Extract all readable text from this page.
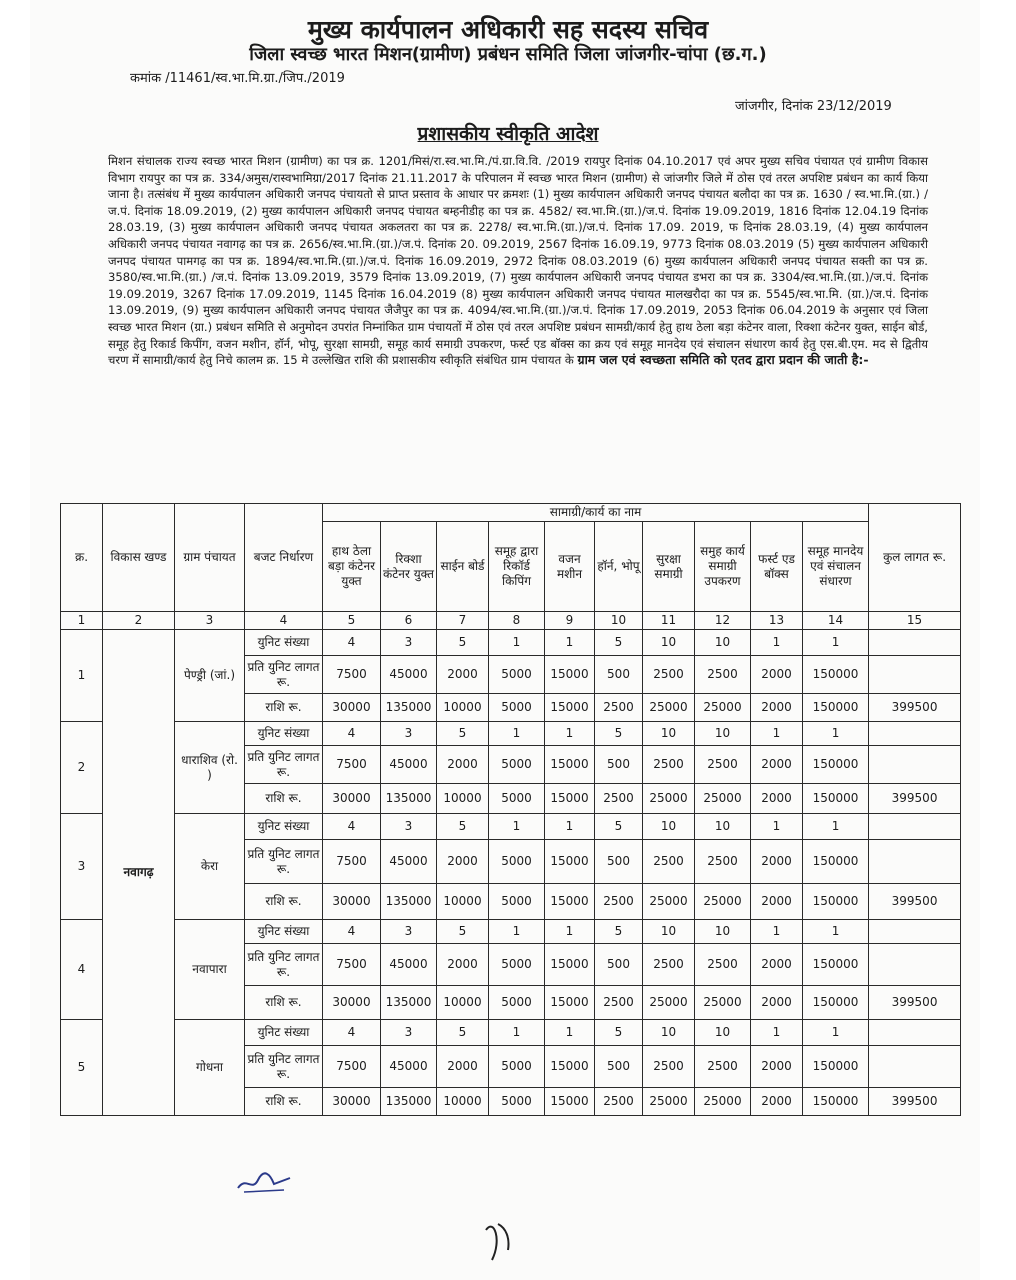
मुख्य कार्यपालन अधिकारी सह सदस्य सचिव
जिला स्वच्छ भारत मिशन(ग्रामीण) प्रबंधन समिति जिला जांजगीर-चांपा (छ.ग.)
कमांक /11461/स्व.भा.मि.ग्रा./जिप./2019
जांजगीर, दिनांक 23/12/2019
प्रशासकीय स्वीकृति आदेश
मिशन संचालक राज्य स्वच्छ भारत मिशन (ग्रामीण) का पत्र क्र. 1201/मिसं/रा.स्व.भा.मि./पं.ग्रा.वि.वि. /2019 रायपुर दिनांक 04.10.2017 एवं अपर मुख्य सचिव पंचायत एवं ग्रामीण विकास विभाग रायपुर का पत्र क्र. 334/अमुस/रास्वभामिग्रा/2017 दिनांक 21.11.2017 के परिपालन में स्वच्छ भारत मिशन (ग्रामीण) से जांजगीर जिले में ठोस एवं तरल अपशिष्ट प्रबंधन का कार्य किया जाना है। तत्संबंध में मुख्य कार्यपालन अधिकारी जनपद पंचायतो से प्राप्त प्रस्ताव के आधार पर क्रमशः (1) मुख्य कार्यपालन अधिकारी जनपद पंचायत बलौदा का पत्र क्र. 1630 / स्व.भा.मि.(ग्रा.) /ज.पं. दिनांक 18.09.2019, (2) मुख्य कार्यपालन अधिकारी जनपद पंचायत बम्हनीडीह का पत्र क्र. 4582/ स्व.भा.मि.(ग्रा.)/ज.पं. दिनांक 19.09.2019, 1816 दिनांक 12.04.19 दिनांक 28.03.19, (3) मुख्य कार्यपालन अधिकारी जनपद पंचायत अकलतरा का पत्र क्र. 2278/ स्व.भा.मि.(ग्रा.)/ज.पं. दिनांक 17.09. 2019, फ दिनांक 28.03.19, (4) मुख्य कार्यपालन अधिकारी जनपद पंचायत नवागढ़ का पत्र क्र. 2656/स्व.भा.मि.(ग्रा.)/ज.पं. दिनांक 20. 09.2019, 2567 दिनांक 16.09.19, 9773 दिनांक 08.03.2019 (5) मुख्य कार्यपालन अधिकारी जनपद पंचायत पामगढ़ का पत्र क्र. 1894/स्व.भा.मि.(ग्रा.)/ज.पं. दिनांक 16.09.2019, 2972 दिनांक 08.03.2019 (6) मुख्य कार्यपालन अधिकारी जनपद पंचायत सक्ती का पत्र क्र. 3580/स्व.भा.मि.(ग्रा.) /ज.पं. दिनांक 13.09.2019, 3579 दिनांक 13.09.2019, (7) मुख्य कार्यपालन अधिकारी जनपद पंचायत डभरा का पत्र क्र. 3304/स्व.भा.मि.(ग्रा.)/ज.पं. दिनांक 19.09.2019, 3267 दिनांक 17.09.2019, 1145 दिनांक 16.04.2019 (8) मुख्य कार्यपालन अधिकारी जनपद पंचायत मालखरौदा का पत्र क्र. 5545/स्व.भा.मि. (ग्रा.)/ज.पं. दिनांक 13.09.2019, (9) मुख्य कार्यपालन अधिकारी जनपद पंचायत जैजैपुर का पत्र क्र. 4094/स्व.भा.मि.(ग्रा.)/ज.पं. दिनांक 17.09.2019, 2053 दिनांक 06.04.2019 के अनुसार एवं जिला स्वच्छ भारत मिशन (ग्रा.) प्रबंधन समिति से अनुमोदन उपरांत निम्नांकित ग्राम पंचायतों में ठोस एवं तरल अपशिष्ट प्रबंधन सामग्री/कार्य हेतु हाथ ठेला बड़ा कंटेनर वाला, रिक्शा कंटेनर युक्त, साईन बोर्ड, समूह हेतु रिकार्ड किपींग, वजन मशीन, हॉर्न, भोपू, सुरक्षा सामग्री, समूह कार्य समाग्री उपकरण, फर्स्ट एड बॉक्स का क्रय एवं समूह मानदेय एवं संचालन संधारण कार्य हेतु एस.बी.एम. मद से द्वितीय चरण में सामाग्री/कार्य हेतु निचे कालम क्र. 15 मे उल्लेखित राशि की प्रशासकीय स्वीकृति संबंधित ग्राम पंचायत के ग्राम जल एवं स्वच्छता समिति को एतद द्वारा प्रदान की जाती है:-
क्र.	विकास खण्ड	ग्राम पंचायत	बजट निर्धारण	सामाग्री/कार्य का नाम										कुल लागत रू.
				हाथ ठेला बड़ा कंटेनर युक्त	रिक्शा कंटेनर युक्त	साईन बोर्ड	समूह द्वारा रिकॉर्ड किपिंग	वजन मशीन	हॉर्न, भोपू	सुरक्षा समाग्री	समुह कार्य समाग्री उपकरण	फर्स्ट एड बॉक्स	समूह मानदेय एवं संचालन संधारण	
1	2	3	4	5	6	7	8	9	10	11	12	13	14	15
1	नवागढ़	पेण्ड्री (जां.)	युनिट संख्या	4	3	5	1	1	5	10	10	1	1	
			प्रति युनिट लागत रू.	7500	45000	2000	5000	15000	500	2500	2500	2000	150000	
			राशि रू.	30000	135000	10000	5000	15000	2500	25000	25000	2000	150000	399500
2		धाराशिव (रो. )	युनिट संख्या	4	3	5	1	1	5	10	10	1	1	
			प्रति युनिट लागत रू.	7500	45000	2000	5000	15000	500	2500	2500	2000	150000	
			राशि रू.	30000	135000	10000	5000	15000	2500	25000	25000	2000	150000	399500
3		केरा	युनिट संख्या	4	3	5	1	1	5	10	10	1	1	
			प्रति युनिट लागत रू.	7500	45000	2000	5000	15000	500	2500	2500	2000	150000	
			राशि रू.	30000	135000	10000	5000	15000	2500	25000	25000	2000	150000	399500
4		नवापारा	युनिट संख्या	4	3	5	1	1	5	10	10	1	1	
			प्रति युनिट लागत रू.	7500	45000	2000	5000	15000	500	2500	2500	2000	150000	
			राशि रू.	30000	135000	10000	5000	15000	2500	25000	25000	2000	150000	399500
5		गोधना	युनिट संख्या	4	3	5	1	1	5	10	10	1	1	
			प्रति युनिट लागत रू.	7500	45000	2000	5000	15000	500	2500	2500	2000	150000	
			राशि रू.	30000	135000	10000	5000	15000	2500	25000	25000	2000	150000	399500
